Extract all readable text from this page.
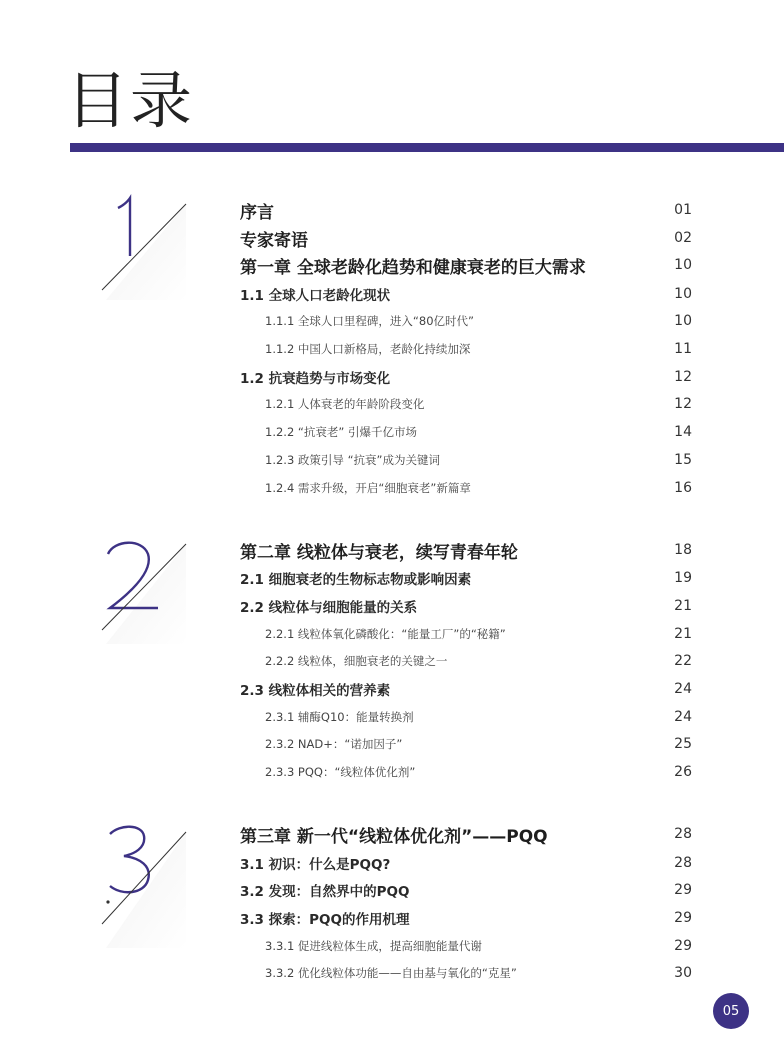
目录
序言	01
专家寄语	02
第一章 全球老龄化趋势和健康衰老的巨大需求	10
1.1 全球人口老龄化现状	10
1.1.1 全球人口里程碑，进入“80亿时代”	10
1.1.2 中国人口新格局，老龄化持续加深	11
1.2 抗衰趋势与市场变化	12
1.2.1 人体衰老的年龄阶段变化	12
1.2.2 “抗衰老” 引爆千亿市场	14
1.2.3 政策引导 “抗衰”成为关键词	15
1.2.4 需求升级，开启“细胞衰老”新篇章	16
第二章 线粒体与衰老，续写青春年轮	18
2.1 细胞衰老的生物标志物或影响因素	19
2.2 线粒体与细胞能量的关系	21
2.2.1 线粒体氧化磷酸化：“能量工厂”的“秘籍”	21
2.2.2 线粒体，细胞衰老的关键之一	22
2.3 线粒体相关的营养素	24
2.3.1 辅酶Q10：能量转换剂	24
2.3.2 NAD+：“诺加因子”	25
2.3.3 PQQ：“线粒体优化剂”	26
第三章 新一代“线粒体优化剂”——PQQ	28
3.1 初识：什么是PQQ?	28
3.2 发现：自然界中的PQQ	29
3.3 探索：PQQ的作用机理	29
3.3.1 促进线粒体生成，提高细胞能量代谢	29
3.3.2 优化线粒体功能——自由基与氧化的“克星”	30
05
